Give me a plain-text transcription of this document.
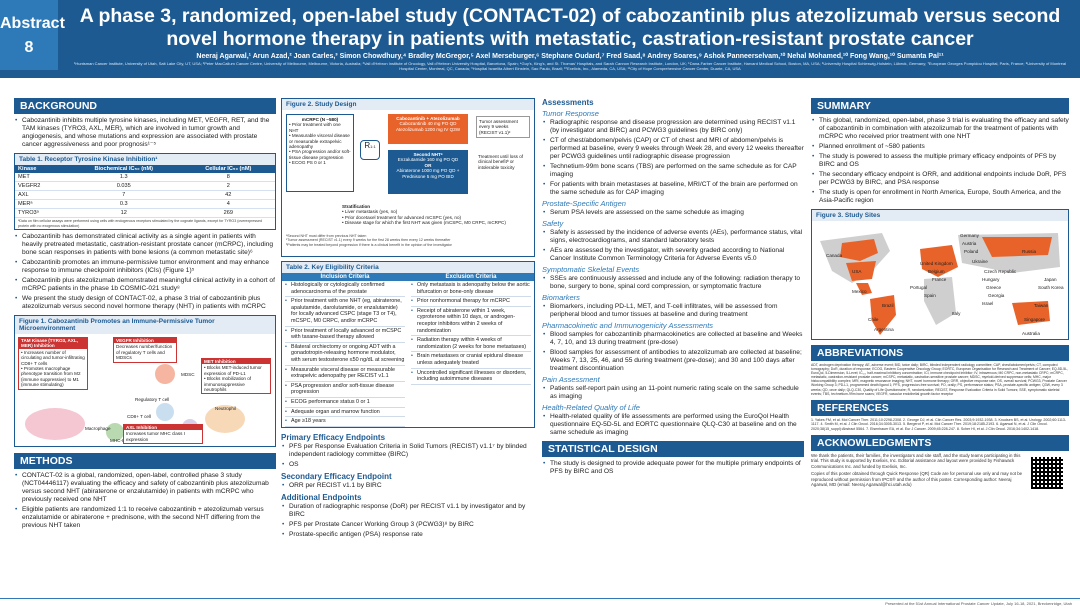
Abstract
8
A phase 3, randomized, open-label study (CONTACT-02) of cabozantinib plus atezolizumab versus second novel hormone therapy in patients with metastatic, castration-resistant prostate cancer
Neeraj Agarwal,¹ Arun Azad,² Joan Carles,³ Simon Chowdhury,⁴ Bradley McGregor,⁵ Axel Merseburger,⁶ Stephane Oudard,⁷ Fred Saad,⁸ Andrey Soares,⁹ Ashok Panneerselvam,¹⁰ Nehal Mohamed,¹⁰ Fong Wang,¹⁰ Sumanta Pal¹¹
¹Huntsman Cancer Institute, University of Utah, Salt Lake City, UT, USA; ²Peter MacCallum Cancer Centre, University of Melbourne, Melbourne, Victoria, Australia; ³Vall d'Hebron Institute of Oncology, Vall d'Hebron University Hospital, Barcelona, Spain; ⁴Guy's, King's, and St. Thomas' Hospitals, and Sarah Cannon Research Institute, London, UK; ⁵Dana-Farber Cancer Institute, Harvard Medical School, Boston, MA, USA; ⁶University Hospital Schleswig-Holstein, Lübeck, Germany; ⁷European Georges Pompidou Hospital, Paris, France; ⁸University of Montreal Hospital Center, Montreal, QC, Canada; ⁹Hospital Israelita Albert Einstein, Sao Paulo, Brazil; ¹⁰Exelixis, Inc., Alameda, CA, USA; ¹¹City of Hope Comprehensive Cancer Center, Duarte, CA, USA
BACKGROUND
• Cabozantinib inhibits multiple tyrosine kinases, including MET, VEGFR, RET, and the TAM kinases (TYRO3, AXL, MER), which are involved in tumor growth and angiogenesis, and whose mutations and expression are associated with prostate cancer aggressiveness and poor prognosis¹⁻⁵
Table 1. Receptor Tyrosine Kinase Inhibition¹
Kinase	Biochemical IC₅₀ (nM)	Cellular IC₅₀ (nM)
MET	1.3	8
VEGFR2	0.035	2
AXL	7	42
MERᵃ	0.3	4
TYRO3ᵃ	12	269
ᵃData on film cellular assays were performed using cells with endogenous receptors stimulated by the cognate ligands, except for TYRO3 (overexpressed protein with no exogenous stimulation)
• Cabozantinib has demonstrated clinical activity as a single agent in patients with heavily pretreated metastatic, castration-resistant prostate cancer (mCRPC), including bone scan responses in patients with bone lesions (a common metastatic site)⁶
• Cabozantinib promotes an immune-permissive tumor environment and may enhance response to immune checkpoint inhibitors (ICIs) (Figure 1)⁵
• Cabozantinib plus atezolizumab demonstrated meaningful clinical activity in a cohort of mCRPC patients in the phase 1b COSMIC-021 study⁸
• We present the study design of CONTACT-02, a phase 3 trial of cabozantinib plus atezolizumab versus second novel hormone therapy (NHT) in patients with mCRPC
Figure 1. Cabozantinib Promotes an Immune-Permissive Tumor Microenvironment
TAM Kinase (TYRO3, AXL, MER) Inhibition
• Increases number of circulating and tumor-infiltrating CD8+ T cells
• Promotes macrophage phenotype transition from M2 (immune suppressive) to M1 (immune stimulating)
VEGFR Inhibition
Decreases number/function of regulatory T cells and MDSCs
MET Inhibition
• Blocks MET-induced tumor expression of PD-L1
• Blocks mobilization of immunosuppressive neutrophils
AXL Inhibition
Increases tumor MHC class I expression
MDSC
Regulatory T cell
CD8+ T cell
Neutrophil
Macrophage
MHC-I
METHODS
• CONTACT-02 is a global, randomized, open-label, controlled phase 3 study (NCT04446117) evaluating the efficacy and safety of cabozantinib plus atezolizumab versus second NHT (abiraterone or enzalutamide) in patients with mCRPC who previously received one NHT
• Eligible patients are randomized 1:1 to receive cabozantinib + atezolizumab versus enzalutamide or abiraterone + prednisone, with the second NHT differing from the previous NHT taken
Figure 2. Study Design
mCRPC (N ~580)
• Prior treatment with one NHT
• Measurable visceral disease or measurable extrapelvic adenopathy
• PSA progression and/or soft-tissue disease progression
• ECOG PS 0 or 1
R1:1
Cabozantinib + Atezolizumab
Cabozantinib 40 mg PO QD
Atezolizumab 1200 mg IV Q3W
Second NHTᵃ
Enzalutamide 160 mg PO QD
OR
Abiraterone 1000 mg PO QD + Prednisone 5 mg PO BID
Tumor assessment every 9 weeks (RECIST v1.1)ᶜ
Treatment until loss of clinical benefitᵇ or intolerable toxicity
Stratification
• Liver metastasis (yes, no)
• Prior docetaxel treatment for advanced mCSPC (yes, no)
• Disease stage for which the first NHT was given (mCSPC, M0 CRPC, mCRPC)
ᵃSecond NHT must differ from previous NHT taken
ᶜTumor assessment (RECIST v1.1) every 9 weeks for the first 28 weeks then every 12 weeks thereafter
ᵇPatients may be treated beyond progression if there is a clinical benefit in the opinion of the investigator
Table 2. Key Eligibility Criteria
Inclusion Criteria	Exclusion Criteria
• Histologically or cytologically confirmed adenocarcinoma of the prostate
• Prior treatment with one NHT (eg, abiraterone, apalutamide, darolutamide, or enzalutamide) for locally advanced CSPC (stage T3 or T4), mCSPC, M0 CRPC, and/or mCRPC
• Prior treatment of locally advanced or mCSPC with taxane-based therapy allowed
• Bilateral orchiectomy or ongoing ADT with a gonadotropin-releasing hormone modulator, with serum testosterone ≤50 ng/dL at screening
• Measurable visceral disease or measurable extrapelvic adenopathy per RECIST v1.1
• PSA progression and/or soft-tissue disease progression
• ECOG performance status 0 or 1
• Adequate organ and marrow function
• Age ≥18 years
• Only metastasis is adenopathy below the aortic bifurcation or bone-only disease
• Prior nonhormonal therapy for mCRPC
• Receipt of abiraterone within 1 week, cyproterone within 10 days, or androgen-receptor inhibitors within 2 weeks of randomization
• Radiation therapy within 4 weeks of randomization (2 weeks for bone metastases)
• Brain metastases or cranial epidural disease unless adequately treated
• Uncontrolled significant illnesses or disorders, including autoimmune diseases
Primary Efficacy Endpoints
• PFS per Response Evaluation Criteria in Solid Tumors (RECIST) v1.1⁷ by blinded independent radiology committee (BIRC)
• OS
Secondary Efficacy Endpoint
• ORR per RECIST v1.1 by BIRC
Additional Endpoints
• Duration of radiographic response (DoR) per RECIST v1.1 by investigator and by BIRC
• PFS per Prostate Cancer Working Group 3 (PCWG3)⁸ by BIRC
• Prostate-specific antigen (PSA) response rate
Assessments
Tumor Response
• Radiographic response and disease progression are determined using RECIST v1.1 (by investigator and BIRC) and PCWG3 guidelines (by BIRC only)
• CT of chest/abdomen/pelvis (CAP) or CT of chest and MRI of abdomen/pelvis is performed at baseline, every 9 weeks through Week 28, and every 12 weeks thereafter per PCWG3 guidelines until radiographic disease progression
• Technetium-99m bone scans (TBS) are performed on the same schedule as for CAP imaging
• For patients with brain metastases at baseline, MRI/CT of the brain are performed on the same schedule as for CAP imaging
Prostate-Specific Antigen
• Serum PSA levels are assessed on the same schedule as imaging
Safety
• Safety is assessed by the incidence of adverse events (AEs), performance status, vital signs, electrocardiograms, and standard laboratory tests
• AEs are assessed by the investigator, with severity graded according to National Cancer Institute Common Terminology Criteria for Adverse Events v5.0
Symptomatic Skeletal Events
• SSEs are continuously assessed and include any of the following: radiation therapy to bone, surgery to bone, spinal cord compression, or symptomatic fracture
Biomarkers
• Biomarkers, including PD-L1, MET, and T-cell infiltrates, will be assessed from peripheral blood and tumor tissues at baseline and during treatment
Pharmacokinetic and Immunogenicity Assessments
• Blood samples for cabozantinib pharmacokinetics are collected at baseline and Weeks 4, 7, 10, and 13 during treatment (pre-dose)
• Blood samples for assessment of antibodies to atezolizumab are collected at baseline; Weeks 7, 13, 25, 46, and 55 during treatment (pre-dose); and 30 and 100 days after treatment discontinuation
Pain Assessment
• Patients self-report pain using an 11-point numeric rating scale on the same schedule as imaging
Health-Related Quality of Life
• Health-related quality of life assessments are performed using the EuroQol Health questionnaire EQ-5D-5L and EORTC questionnaire QLQ-C30 at baseline and on the same schedule as imaging
STATISTICAL DESIGN
• The study is designed to provide adequate power for the multiple primary endpoints of PFS by BIRC and OS
SUMMARY
• This global, randomized, open-label, phase 3 trial is evaluating the efficacy and safety of cabozantinib in combination with atezolizumab for the treatment of patients with mCRPC who received prior treatment with one NHT
• Planned enrollment of ~580 patients
• The study is powered to assess the multiple primary efficacy endpoints of PFS by BIRC and OS
• The secondary efficacy endpoint is ORR, and additional endpoints include DoR, PFS per PCWG3 by BIRC, and PSA response
• The study is open for enrollment in North America, Europe, South America, and the Asia-Pacific region
Figure 3. Study Sites
Canada
USA
Mexico
Brazil
Chile
Argentina
United Kingdom
Belgium
France
Portugal
Spain
Germany
Austria
Poland
Ukraine
Czech Republic
Hungary
Greece
Georgia
Israel
Italy
Russia
Japan
South Korea
Taiwan
Singapore
Australia
ABBREVIATIONS
ADT, androgen deprivation therapy; AE, adverse event; BID, twice daily; BIRC, blinded independent radiology committee; CAP, chest/abdomen/pelvis; CT, computed tomography; DoR, duration of response; ECOG, Eastern Cooperative Oncology Group; EORTC, European Organisation for Research and Treatment of Cancer; EQ-5D-5L, EuroQol, 5-Dimension, 5-Level; IC₅₀, half-maximal inhibitory concentration; ICI, immune checkpoint inhibitor; IV, intravenous; M0 CRPC, non-metastatic CRPC; mCRPC, metastatic, castration-resistant prostate cancer; mCSPC, metastatic, castration-sensitive prostate cancer; MDSC, myeloid-derived suppressor cells; MHC, major histocompatibility complex; MRI, magnetic resonance imaging; NHT, novel hormone therapy; ORR, objective response rate; OS, overall survival; PCWG3, Prostate Cancer Working Group 3; PD-L1, programmed death ligand 1; PFS, progression-free survival; PO, orally; PS, performance status; PSA, prostate-specific antigen; Q3W, every 3 weeks; QD, once daily; QLQ-C30, Quality of Life Questionnaire; R, randomization; RECIST, Response Evaluation Criteria in Solid Tumors; SSE, symptomatic skeletal events; TBS, technetium-99m bone scans; VEGFR, vascular endothelial growth factor receptor
REFERENCES
1. Yakes FM, et al. Mol Cancer Ther. 2011;10:2298-2308. 2. George DJ, et al. Clin Cancer Res. 2003;9:1932-1938. 3. Knudsen BS, et al. Urology. 2002;60:1113-1117. 4. Smith M, et al. J Clin Oncol. 2016;34:3005-3013. 5. Bergerot P, et al. Mol Cancer Ther. 2019;18:2185-2193. 6. Agarwal N, et al. J Clin Oncol. 2020;38(15_suppl):Abstract 5564. 7. Eisenhauer EA, et al. Eur J Cancer. 2009;45:228-247. 8. Scher HI, et al. J Clin Oncol. 2016;34:1402-1418.
ACKNOWLEDGMENTS
We thank the patients, their families, the investigators and site staff, and the study teams participating in this trial. This study is supported by Exelixis, Inc. Editorial assistance and layout were provided by Fishawack Communications Inc. and funded by Exelixis, Inc.
Copies of this poster obtained through Quick Response (QR) Code are for personal use only and may not be reproduced without permission from IPCS® and the author of this poster. Corresponding author: Neeraj Agarwal, MD (email: Neeraj.Agarwal@hci.utah.edu)
Presented at the 51st Annual International Prostate Cancer Update, July 16-18, 2021, Breckenridge, Utah
